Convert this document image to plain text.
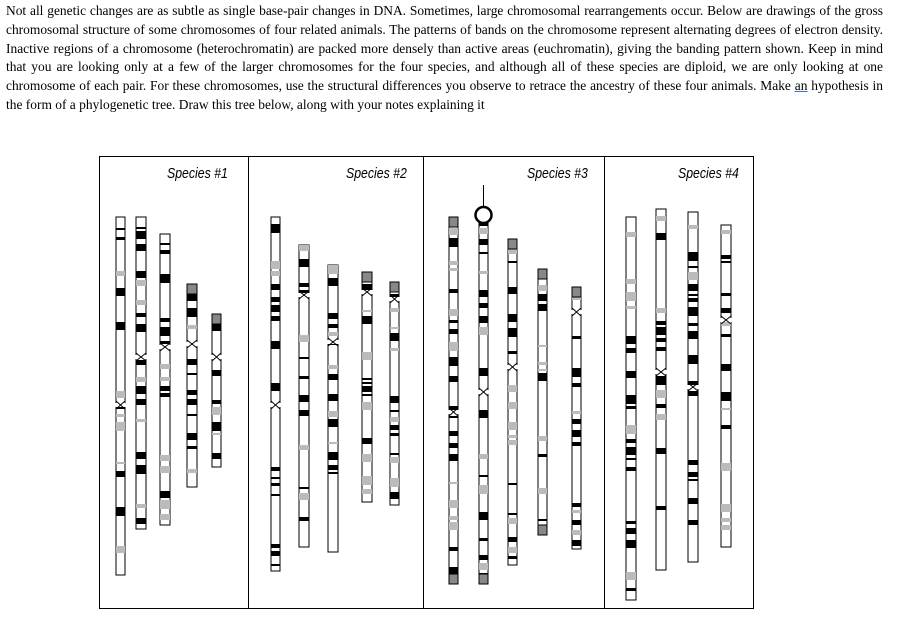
Not all genetic changes are as subtle as single base-pair changes in DNA. Sometimes, large chromosomal rearrangements occur. Below are drawings of the gross chromosomal structure of some chromosomes of four related animals. The patterns of bands on the chromosome represent alternating degrees of electron density. Inactive regions of a chromosome (heterochromatin) are packed more densely than active areas (euchromatin), giving the banding pattern shown. Keep in mind that you are looking only at a few of the larger chromosomes for the four species, and although all of these species are diploid, we are only looking at one chromosome of each pair. For these chromosomes, use the structural differences you observe to retrace the ancestry of these four animals. Make an hypothesis in the form of a phylogenetic tree. Draw this tree below, along with your notes explaining it
Species #1	Species #2	Species #3	Species #4
